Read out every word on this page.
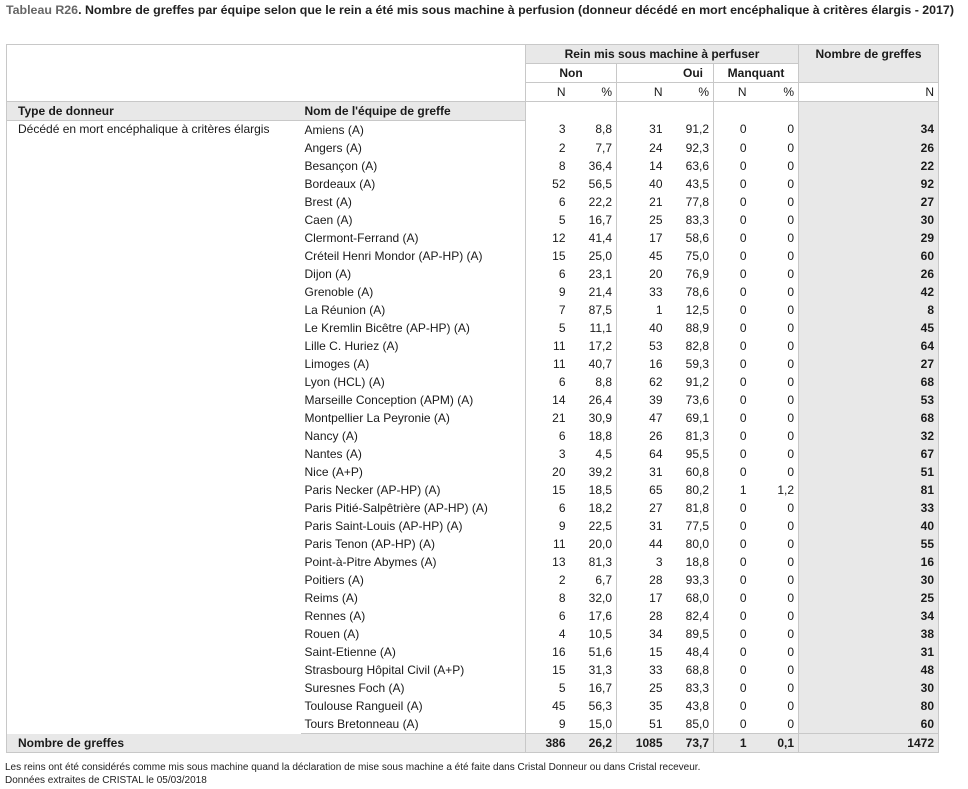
Tableau R26. Nombre de greffes par équipe selon que le rein a été mis sous machine à perfusion (donneur décédé en mort encéphalique à critères élargis - 2017)
		Rein mis sous machine à perfuser						Nombre de greffes
		Non		Oui		Manquant		
		N	%	N	%	N	%	N
Type de donneur	Nom de l'équipe de greffe							
Décédé en mort encéphalique à critères élargis	Amiens (A)	3	8,8	31	91,2	0	0	34
	Angers (A)	2	7,7	24	92,3	0	0	26
	Besançon (A)	8	36,4	14	63,6	0	0	22
	Bordeaux (A)	52	56,5	40	43,5	0	0	92
	Brest (A)	6	22,2	21	77,8	0	0	27
	Caen (A)	5	16,7	25	83,3	0	0	30
	Clermont-Ferrand (A)	12	41,4	17	58,6	0	0	29
	Créteil Henri Mondor (AP-HP) (A)	15	25,0	45	75,0	0	0	60
	Dijon (A)	6	23,1	20	76,9	0	0	26
	Grenoble (A)	9	21,4	33	78,6	0	0	42
	La Réunion (A)	7	87,5	1	12,5	0	0	8
	Le Kremlin Bicêtre (AP-HP) (A)	5	11,1	40	88,9	0	0	45
	Lille C. Huriez (A)	11	17,2	53	82,8	0	0	64
	Limoges (A)	11	40,7	16	59,3	0	0	27
	Lyon (HCL) (A)	6	8,8	62	91,2	0	0	68
	Marseille Conception (APM) (A)	14	26,4	39	73,6	0	0	53
	Montpellier La Peyronie (A)	21	30,9	47	69,1	0	0	68
	Nancy (A)	6	18,8	26	81,3	0	0	32
	Nantes (A)	3	4,5	64	95,5	0	0	67
	Nice (A+P)	20	39,2	31	60,8	0	0	51
	Paris Necker (AP-HP) (A)	15	18,5	65	80,2	1	1,2	81
	Paris Pitié-Salpêtrière (AP-HP) (A)	6	18,2	27	81,8	0	0	33
	Paris Saint-Louis (AP-HP) (A)	9	22,5	31	77,5	0	0	40
	Paris Tenon (AP-HP) (A)	11	20,0	44	80,0	0	0	55
	Point-à-Pitre Abymes (A)	13	81,3	3	18,8	0	0	16
	Poitiers (A)	2	6,7	28	93,3	0	0	30
	Reims (A)	8	32,0	17	68,0	0	0	25
	Rennes (A)	6	17,6	28	82,4	0	0	34
	Rouen (A)	4	10,5	34	89,5	0	0	38
	Saint-Etienne (A)	16	51,6	15	48,4	0	0	31
	Strasbourg Hôpital Civil (A+P)	15	31,3	33	68,8	0	0	48
	Suresnes Foch (A)	5	16,7	25	83,3	0	0	30
	Toulouse Rangueil (A)	45	56,3	35	43,8	0	0	80
	Tours Bretonneau (A)	9	15,0	51	85,0	0	0	60
Nombre de greffes		386	26,2	1085	73,7	1	0,1	1472
Les reins ont été considérés comme mis sous machine quand la déclaration de mise sous machine a été faite dans Cristal Donneur ou dans Cristal receveur.
Données extraites de CRISTAL le 05/03/2018
